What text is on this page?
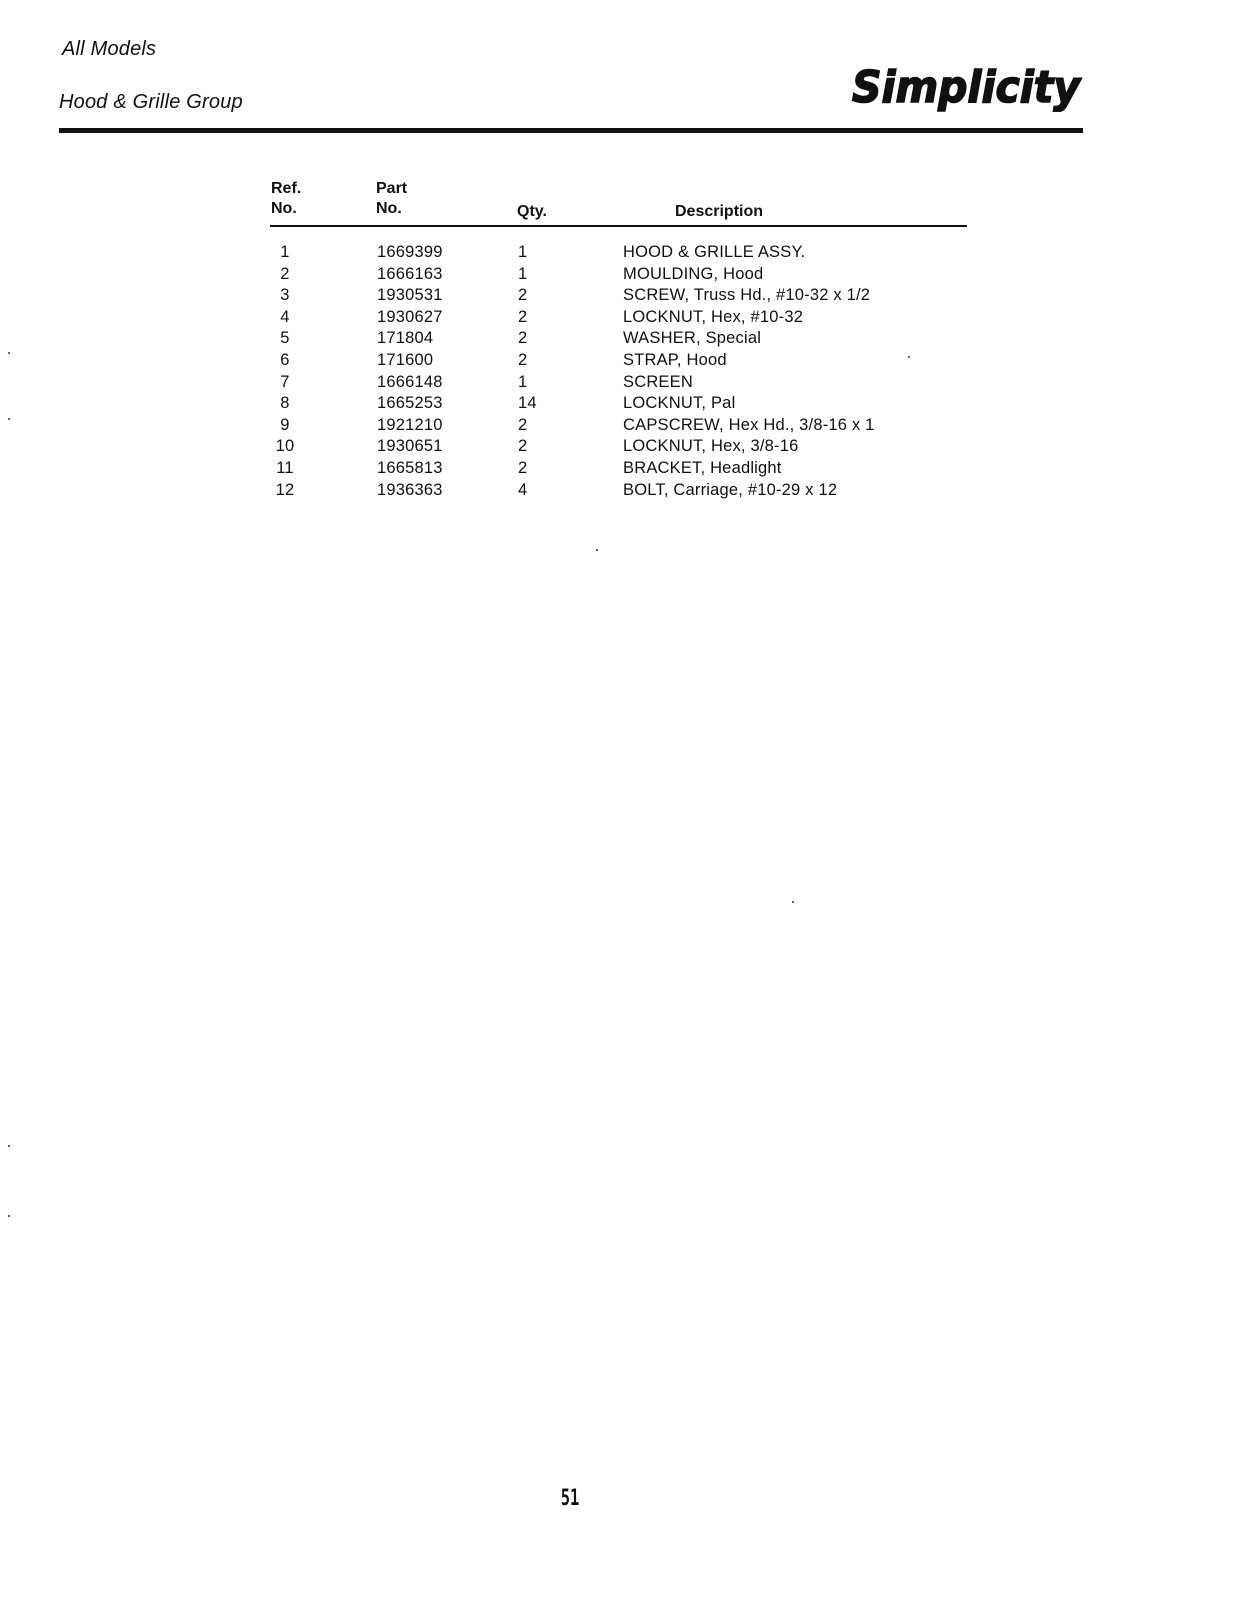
All Models
Hood & Grille Group	Simplicity
Ref.
No.
Part
No.	Qty.	Description
1	1669399	1	HOOD & GRILLE ASSY.
2	1666163	1	MOULDING, Hood
3	1930531	2	SCREW, Truss Hd., #10-32 x 1/2
4	1930627	2	LOCKNUT, Hex, #10-32
5	171804	2	WASHER, Special
6	171600	2	STRAP, Hood
7	1666148	1	SCREEN
8	1665253	14	LOCKNUT, Pal
9	1921210	2	CAPSCREW, Hex Hd., 3/8-16 x 1
10	1930651	2	LOCKNUT, Hex, 3/8-16
11	1665813	2	BRACKET, Headlight
12	1936363	4	BOLT, Carriage, #10-29 x 12
51
